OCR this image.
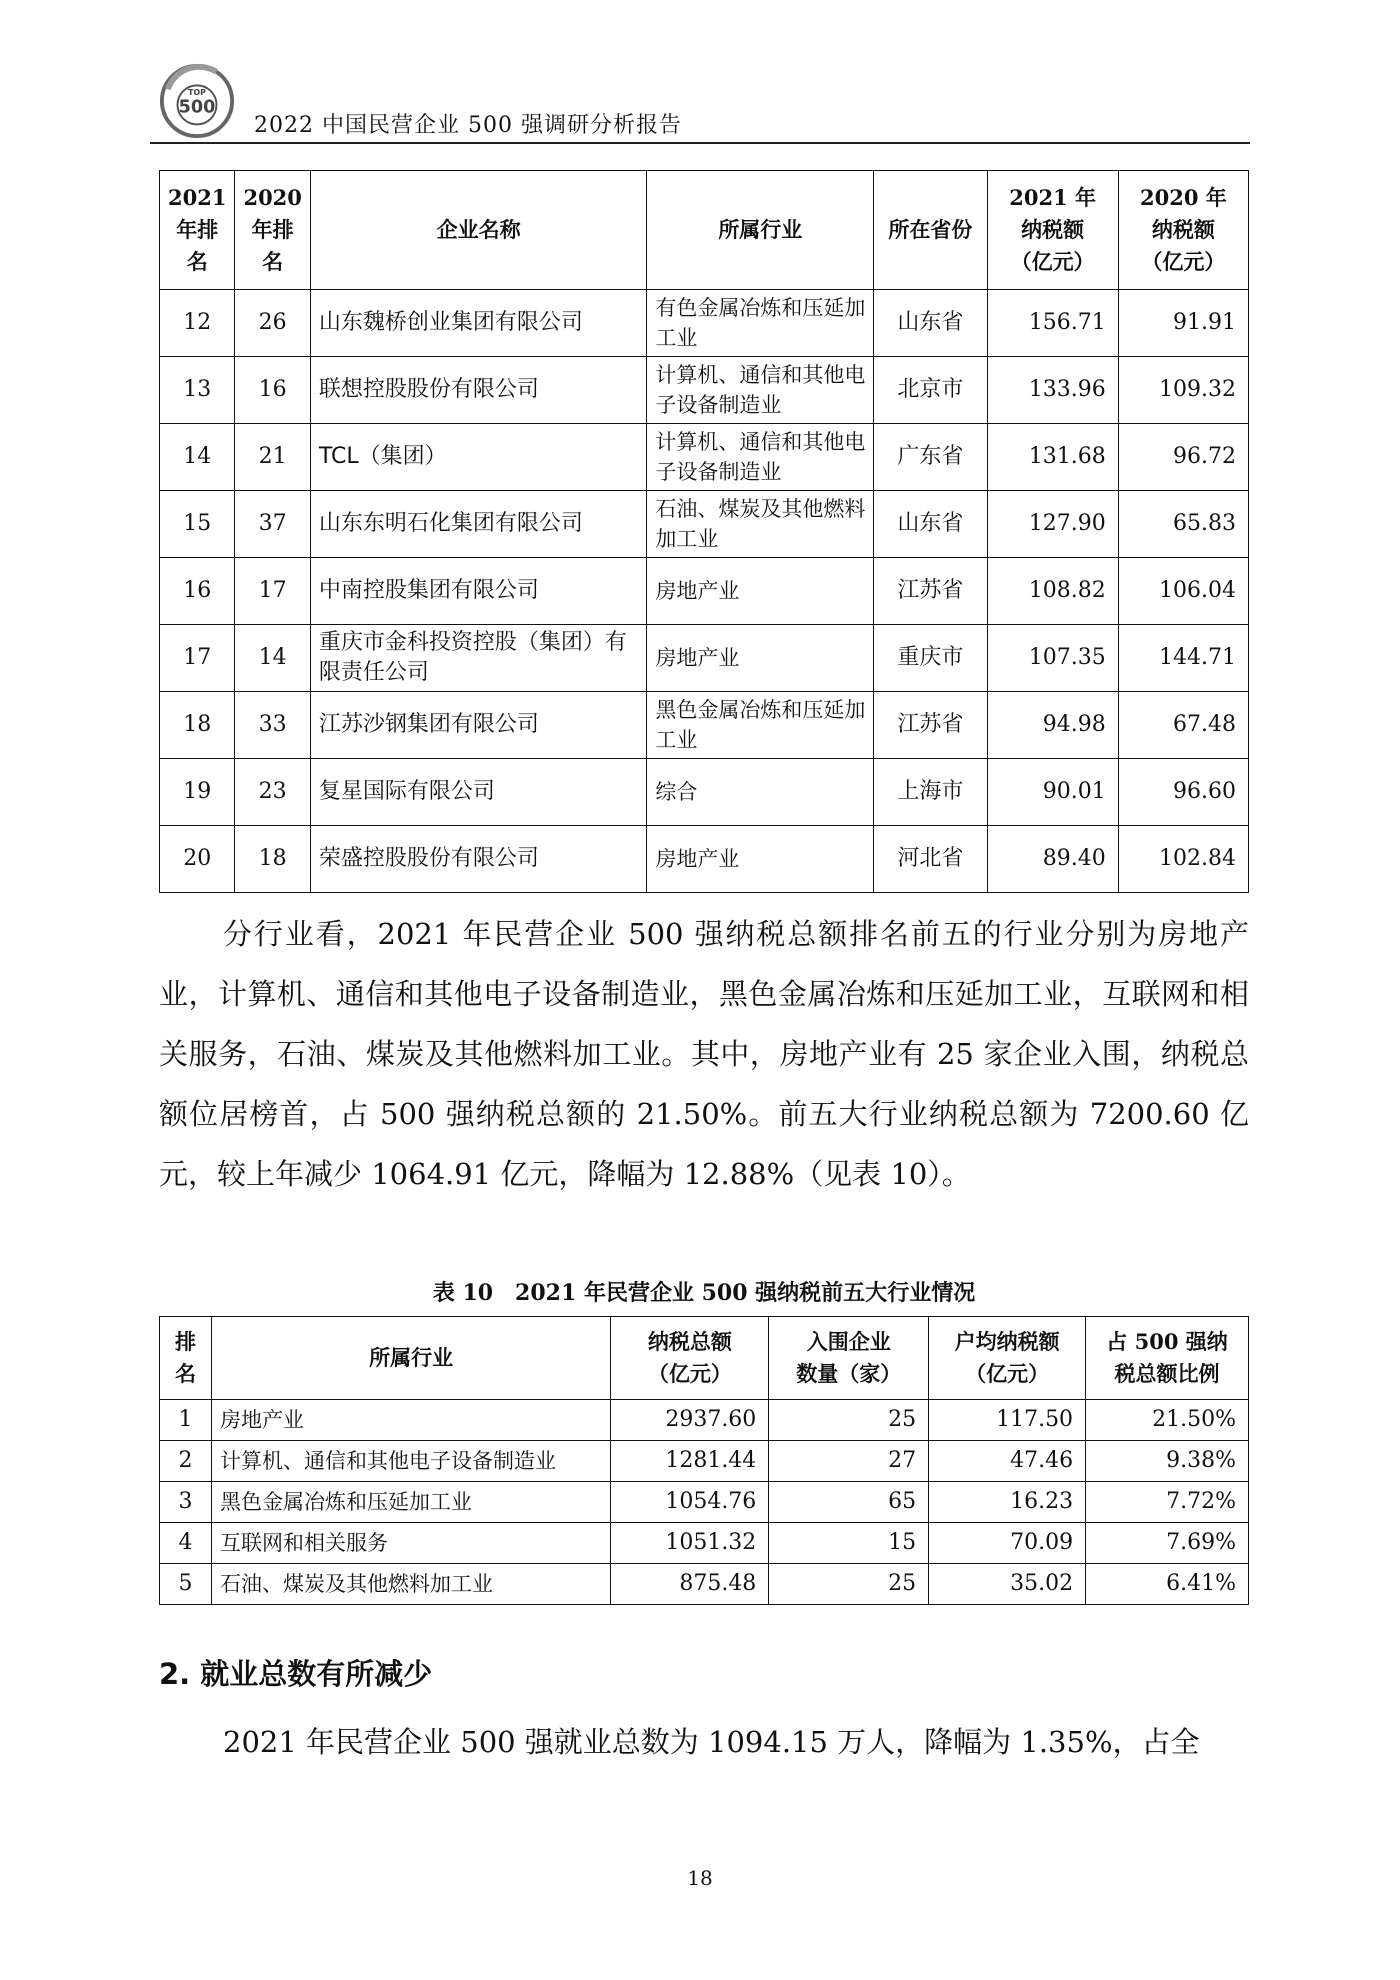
TOP
500
2022 中国民营企业 500 强调研分析报告
2021
年排
名	2020
年排
名	企业名称	所属行业	所在省份	2021 年
纳税额
（亿元）	2020 年
纳税额
（亿元）
12	26	山东魏桥创业集团有限公司	有色金属冶炼和压延加工业	山东省	156.71	91.91
13	16	联想控股股份有限公司	计算机、通信和其他电子设备制造业	北京市	133.96	109.32
14	21	TCL（集团）	计算机、通信和其他电子设备制造业	广东省	131.68	96.72
15	37	山东东明石化集团有限公司	石油、煤炭及其他燃料加工业	山东省	127.90	65.83
16	17	中南控股集团有限公司	房地产业	江苏省	108.82	106.04
17	14	重庆市金科投资控股（集团）有限责任公司	房地产业	重庆市	107.35	144.71
18	33	江苏沙钢集团有限公司	黑色金属冶炼和压延加工业	江苏省	94.98	67.48
19	23	复星国际有限公司	综合	上海市	90.01	96.60
20	18	荣盛控股股份有限公司	房地产业	河北省	89.40	102.84
分行业看，2021 年民营企业 500 强纳税总额排名前五的行业分别为房地产业，计算机、通信和其他电子设备制造业，黑色金属冶炼和压延加工业，互联网和相关服务，石油、煤炭及其他燃料加工业。其中，房地产业有 25 家企业入围，纳税总额位居榜首，占 500 强纳税总额的 21.50%。前五大行业纳税总额为 7200.60 亿元，较上年减少 1064.91 亿元，降幅为 12.88%（见表 10）。
表 10　2021 年民营企业 500 强纳税前五大行业情况
排
名	所属行业	纳税总额
（亿元）	入围企业
数量（家）	户均纳税额
（亿元）	占 500 强纳
税总额比例
1	房地产业	2937.60	25	117.50	21.50%
2	计算机、通信和其他电子设备制造业	1281.44	27	47.46	9.38%
3	黑色金属冶炼和压延加工业	1054.76	65	16.23	7.72%
4	互联网和相关服务	1051.32	15	70.09	7.69%
5	石油、煤炭及其他燃料加工业	875.48	25	35.02	6.41%
2. 就业总数有所减少
2021 年民营企业 500 强就业总数为 1094.15 万人，降幅为 1.35%，占全
18
